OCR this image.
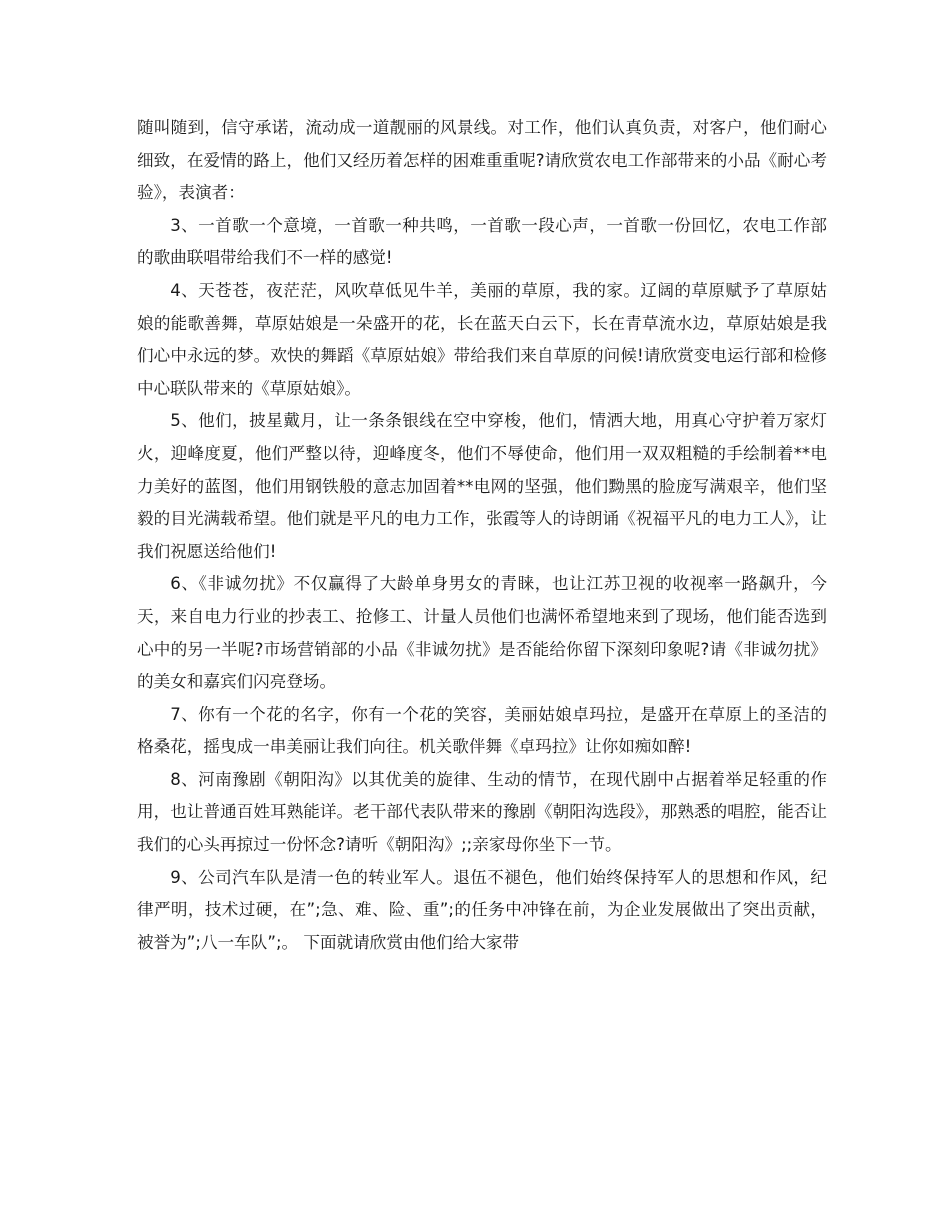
随叫随到，信守承诺，流动成一道靓丽的风景线。对工作，他们认真负责，对客户，他们耐心细致，在爱情的路上，他们又经历着怎样的困难重重呢?请欣赏农电工作部带来的小品《耐心考验》，表演者：

3、一首歌一个意境，一首歌一种共鸣，一首歌一段心声，一首歌一份回忆，农电工作部的歌曲联唱带给我们不一样的感觉!

4、天苍苍，夜茫茫，风吹草低见牛羊，美丽的草原，我的家。辽阔的草原赋予了草原姑娘的能歌善舞，草原姑娘是一朵盛开的花，长在蓝天白云下，长在青草流水边，草原姑娘是我们心中永远的梦。欢快的舞蹈《草原姑娘》带给我们来自草原的问候!请欣赏变电运行部和检修中心联队带来的《草原姑娘》。

5、他们，披星戴月，让一条条银线在空中穿梭，他们，情洒大地，用真心守护着万家灯火，迎峰度夏，他们严整以待，迎峰度冬，他们不辱使命，他们用一双双粗糙的手绘制着**电力美好的蓝图，他们用钢铁般的意志加固着**电网的坚强，他们黝黑的脸庞写满艰辛，他们坚毅的目光满载希望。他们就是平凡的电力工作，张霞等人的诗朗诵《祝福平凡的电力工人》，让我们祝愿送给他们!

6、《非诚勿扰》不仅赢得了大龄单身男女的青睐，也让江苏卫视的收视率一路飙升，今天，来自电力行业的抄表工、抢修工、计量人员他们也满怀希望地来到了现场，他们能否选到心中的另一半呢?市场营销部的小品《非诚勿扰》是否能给你留下深刻印象呢?请《非诚勿扰》的美女和嘉宾们闪亮登场。

7、你有一个花的名字，你有一个花的笑容，美丽姑娘卓玛拉，是盛开在草原上的圣洁的格桑花，摇曳成一串美丽让我们向往。机关歌伴舞《卓玛拉》让你如痴如醉!

8、河南豫剧《朝阳沟》以其优美的旋律、生动的情节，在现代剧中占据着举足轻重的作用，也让普通百姓耳熟能详。老干部代表队带来的豫剧《朝阳沟选段》，那熟悉的唱腔，能否让我们的心头再掠过一份怀念?请听《朝阳沟》;;亲家母你坐下一节。

9、公司汽车队是清一色的转业军人。退伍不褪色，他们始终保持军人的思想和作风，纪律严明，技术过硬，在”;急、难、险、重”;的任务中冲锋在前，为企业发展做出了突出贡献，被誉为”;八一车队”;。 下面就请欣赏由他们给大家带
